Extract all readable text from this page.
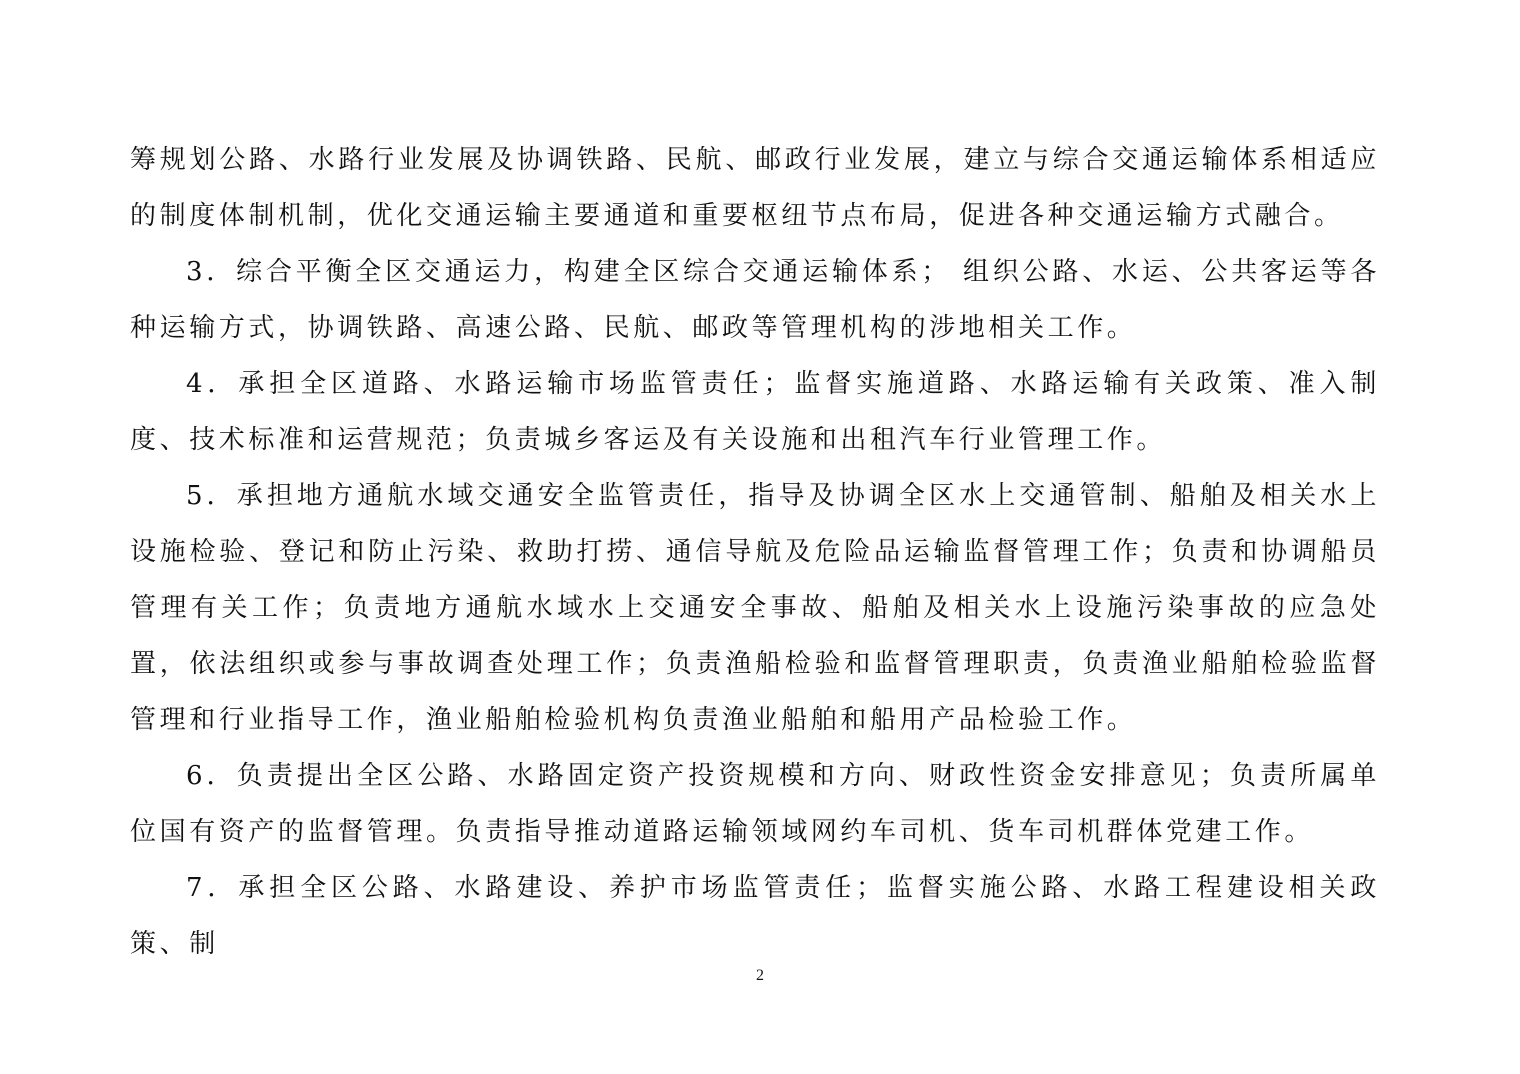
筹规划公路、水路行业发展及协调铁路、民航、邮政行业发展，建立与综合交通运输体系相适应的制度体制机制，优化交通运输主要通道和重要枢纽节点布局，促进各种交通运输方式融合。

3．综合平衡全区交通运力，构建全区综合交通运输体系； 组织公路、水运、公共客运等各种运输方式，协调铁路、高速公路、民航、邮政等管理机构的涉地相关工作。

4．承担全区道路、水路运输市场监管责任；监督实施道路、水路运输有关政策、准入制度、技术标准和运营规范；负责城乡客运及有关设施和出租汽车行业管理工作。

5．承担地方通航水域交通安全监管责任，指导及协调全区水上交通管制、船舶及相关水上设施检验、登记和防止污染、救助打捞、通信导航及危险品运输监督管理工作；负责和协调船员管理有关工作；负责地方通航水域水上交通安全事故、船舶及相关水上设施污染事故的应急处置，依法组织或参与事故调查处理工作；负责渔船检验和监督管理职责，负责渔业船舶检验监督管理和行业指导工作，渔业船舶检验机构负责渔业船舶和船用产品检验工作。

6．负责提出全区公路、水路固定资产投资规模和方向、财政性资金安排意见；负责所属单位国有资产的监督管理。负责指导推动道路运输领域网约车司机、货车司机群体党建工作。

7．承担全区公路、水路建设、养护市场监管责任；监督实施公路、水路工程建设相关政策、制

2
